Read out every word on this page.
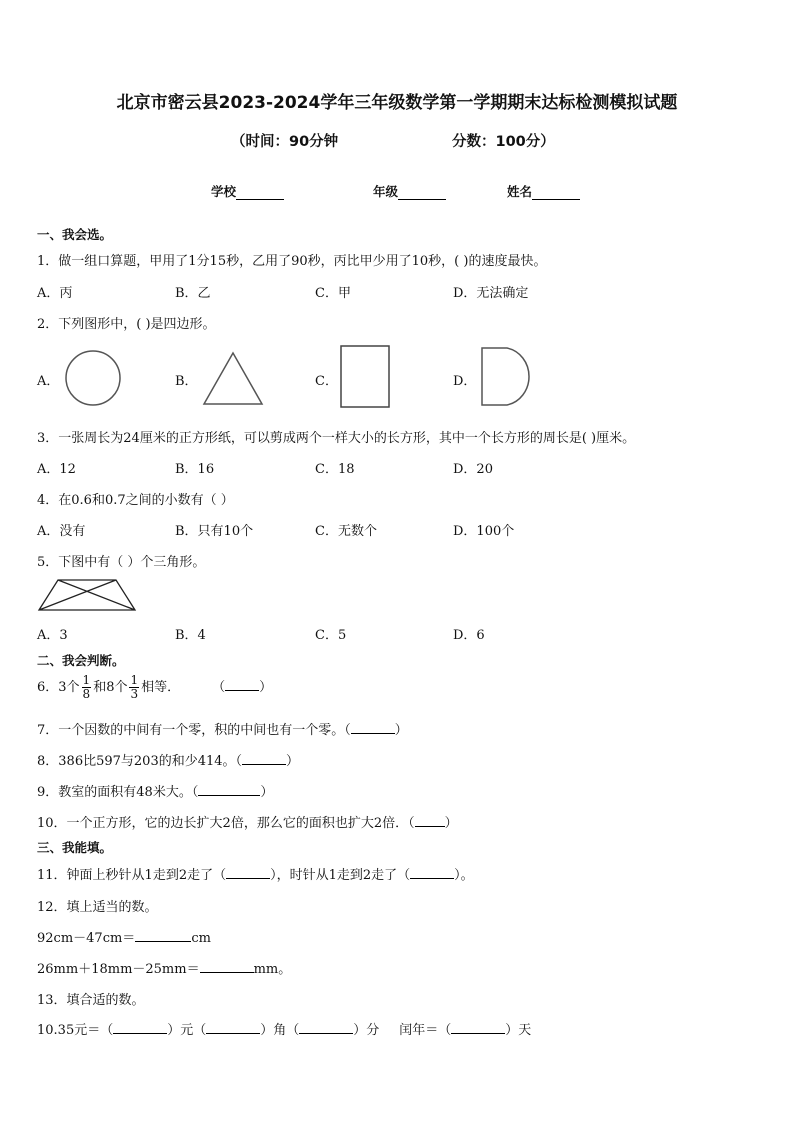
北京市密云县2023-2024学年三年级数学第一学期期末达标检测模拟试题
（时间：90分钟	分数：100分）
学校	年级	姓名
一、我会选。
1．做一组口算题，甲用了1分15秒，乙用了90秒，丙比甲少用了10秒，( )的速度最快。
A．丙	B．乙	C．甲	D．无法确定
2．下列图形中，( )是四边形。
A．	B．	C．	D．
3．一张周长为24厘米的正方形纸，可以剪成两个一样大小的长方形，其中一个长方形的周长是( )厘米。
A．12	B．16	C．18	D．20
4．在0.6和0.7之间的小数有（ ）
A．没有	B．只有10个	C．无数个	D．100个
5．下图中有（ ）个三角形。
A．3	B．4	C．5	D．6
二、我会判断。
6．3个 $\frac{1}{8}$ 和8个 $\frac{1}{3}$ 相等． （	）
7．一个因数的中间有一个零，积的中间也有一个零。（	）
8．386比597与203的和少414。（	）
9．教室的面积有48米大。（	）
10．一个正方形，它的边长扩大2倍，那么它的面积也扩大2倍．（ ）
三、我能填。
11．钟面上秒针从1走到2走了（	），时针从1走到2走了（	）。
12．填上适当的数。
92cm－47cm＝	cm
26mm＋18mm－25mm＝	mm。
13．填合适的数。
10.35元＝（	）元（	）角（	）分 闰年＝（	）天
